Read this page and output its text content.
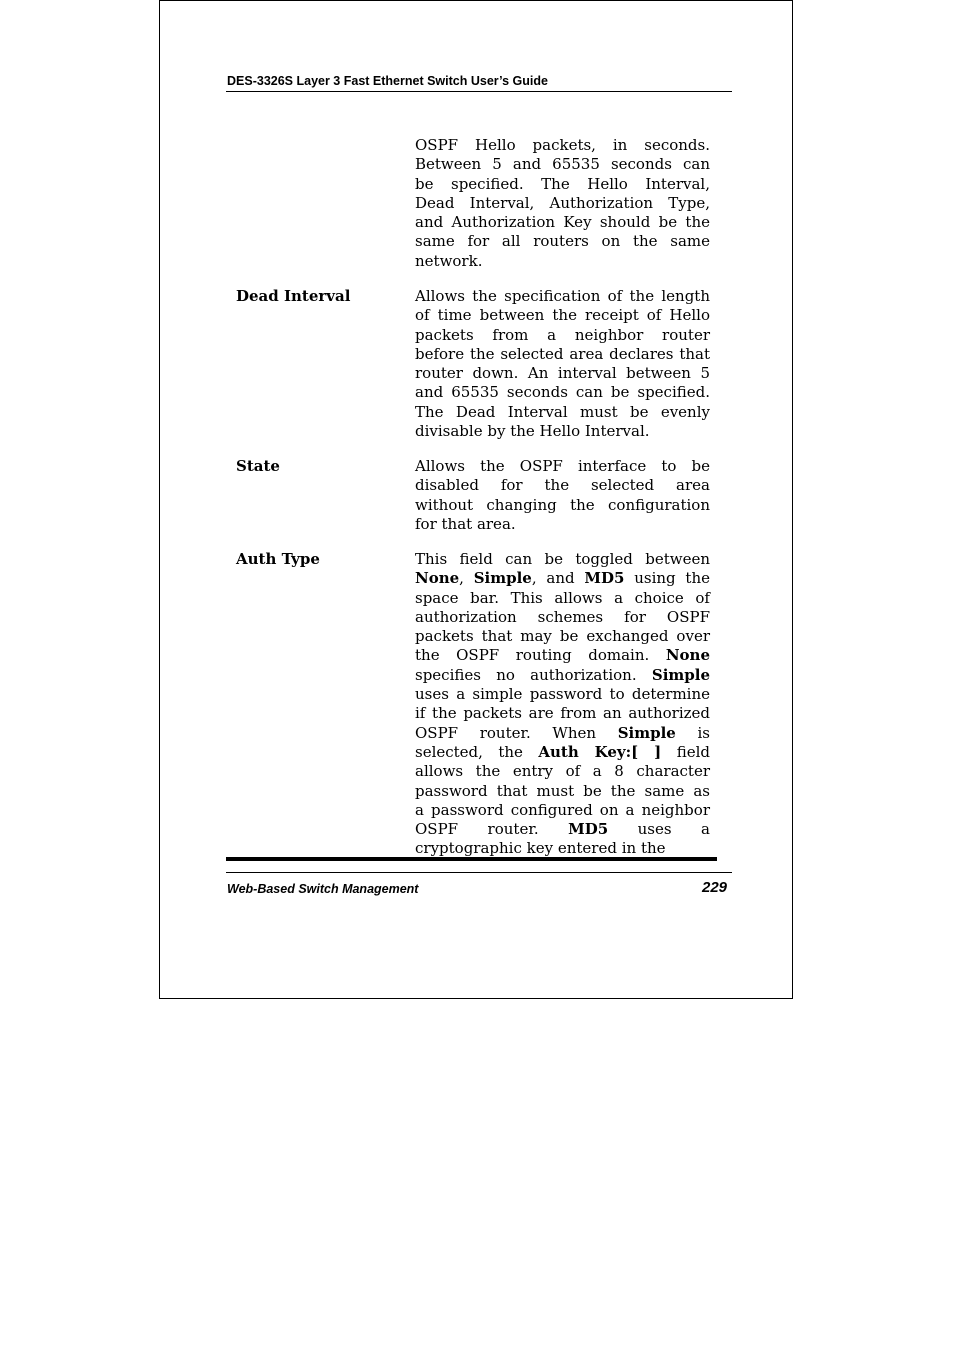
DES-3326S Layer 3 Fast Ethernet Switch User’s Guide
OSPF Hello packets, in seconds.
Between 5 and 65535 seconds can
be specified. The Hello Interval,
Dead Interval, Authorization Type,
and Authorization Key should be the
same for all routers on the same
network.
Dead Interval	Allows the specification of the length
of time between the receipt of Hello
packets from a neighbor router
before the selected area declares that
router down. An interval between 5
and 65535 seconds can be specified.
The Dead Interval must be evenly
divisable by the Hello Interval.
State	Allows the OSPF interface to be
disabled for the selected area
without changing the configuration
for that area.
Auth Type	This field can be toggled between
None, Simple, and MD5 using the
space bar. This allows a choice of
authorization schemes for OSPF
packets that may be exchanged over
the OSPF routing domain. None
specifies no authorization. Simple
uses a simple password to determine
if the packets are from an authorized
OSPF router. When Simple is
selected, the Auth Key:[ ] field
allows the entry of a 8 character
password that must be the same as
a password configured on a neighbor
OSPF router. MD5 uses a
cryptographic key entered in the
Web-Based Switch Management	229
